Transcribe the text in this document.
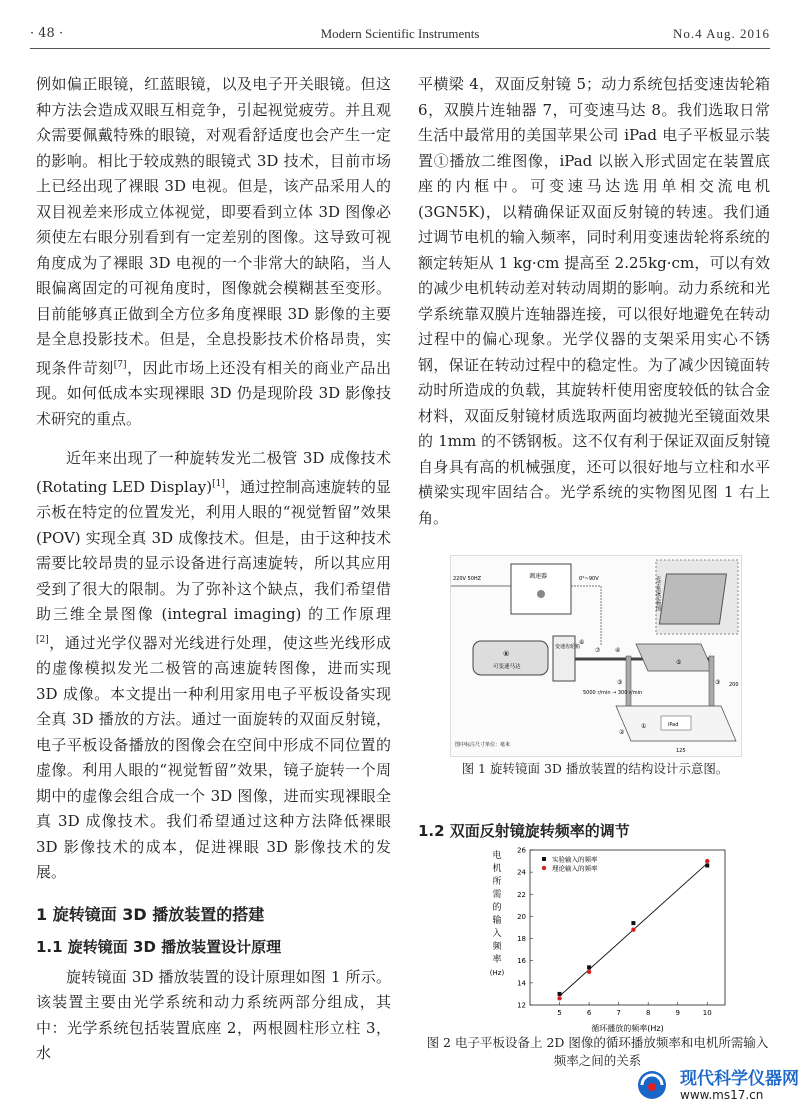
· 48 ·	Modern Scientific Instruments	No.4 Aug. 2016

例如偏正眼镜，红蓝眼镜，以及电子开关眼镜。但这种方法会造成双眼互相竞争，引起视觉疲劳。并且观众需要佩戴特殊的眼镜，对观看舒适度也会产生一定的影响。相比于较成熟的眼镜式 3D 技术，目前市场上已经出现了裸眼 3D 电视。但是，该产品采用人的双目视差来形成立体视觉，即要看到立体 3D 图像必须使左右眼分别看到有一定差别的图像。这导致可视角度成为了裸眼 3D 电视的一个非常大的缺陷，当人眼偏离固定的可视角度时，图像就会模糊甚至变形。目前能够真正做到全方位多角度裸眼 3D 影像的主要是全息投影技术。但是，全息投影技术价格昂贵，实现条件苛刻[7]，因此市场上还没有相关的商业产品出现。如何低成本实现裸眼 3D 仍是现阶段 3D 影像技术研究的重点。

近年来出现了一种旋转发光二极管 3D 成像技术 (Rotating LED Display)[1]，通过控制高速旋转的显示板在特定的位置发光，利用人眼的“视觉暂留”效果 (POV) 实现全真 3D 成像技术。但是，由于这种技术需要比较昂贵的显示设备进行高速旋转，所以其应用受到了很大的限制。为了弥补这个缺点，我们希望借助三维全景图像 (integral imaging) 的工作原理[2]，通过光学仪器对光线进行处理，使这些光线形成的虚像模拟发光二极管的高速旋转图像，进而实现 3D 成像。本文提出一种利用家用电子平板设备实现全真 3D 播放的方法。通过一面旋转的双面反射镜，电子平板设备播放的图像会在空间中形成不同位置的虚像。利用人眼的“视觉暂留”效果，镜子旋转一个周期中的虚像会组合成一个 3D 图像，进而实现裸眼全真 3D 成像技术。我们希望通过这种方法降低裸眼 3D 影像技术的成本，促进裸眼 3D 影像技术的发展。

1 旋转镜面 3D 播放装置的搭建
1.1 旋转镜面 3D 播放装置设计原理

旋转镜面 3D 播放装置的设计原理如图 1 所示。该装置主要由光学系统和动力系统两部分组成，其中：光学系统包括装置底座 2，两根圆柱形立柱 3，水

平横梁 4，双面反射镜 5；动力系统包括变速齿轮箱 6，双膜片连轴器 7，可变速马达 8。我们选取日常生活中最常用的美国苹果公司 iPad 电子平板显示装置①播放二维图像，iPad 以嵌入形式固定在装置底座的内框中。可变速马达选用单相交流电机 (3GN5K)，以精确保证双面反射镜的转速。我们通过调节电机的输入频率，同时利用变速齿轮将系统的额定转矩从 1 kg·cm 提高至 2.25kg·cm，可以有效的减少电机转动差对转动周期的影响。动力系统和光学系统靠双膜片连轴器连接，可以很好地避免在转动过程中的偏心现象。光学仪器的支架采用实心不锈钢，保证在转动过程中的稳定性。为了减少因镜面转动时所造成的负载，其旋转杆使用密度较低的钛合金材料，双面反射镜材质选取两面均被抛光至镜面效果的 1mm 的不锈钢板。这不仅有利于保证双面反射镜自身具有高的机械强度，还可以很好地与立柱和水平横梁实现牢固结合。光学系统的实物图见图 1 右上角。

调速器
220V 50HZ	0°~90V
⑧
可变速马达
变速齿轮箱
⑥
⑦ ④
⑤
③	③
iPad
①
②
125
200
5000 r/min → 300 r/min
图中标注尺寸单位：毫米
光学系统实物图
图 1 旋转镜面 3D 播放装置的结构设计示意图。
1.2 双面反射镜旋转频率的调节
5	6	7	8	9	10
12
14
16
18
20
22
24
26
实验输入的频率
理论输入的频率
电
机
所
需
的
输
入
频
率
(Hz)
循环播放的频率(Hz)
图 2 电子平板设备上 2D 图像的循环播放频率和电机所需输入频率之间的关系
现代科学仪器网
www.ms17.cn
